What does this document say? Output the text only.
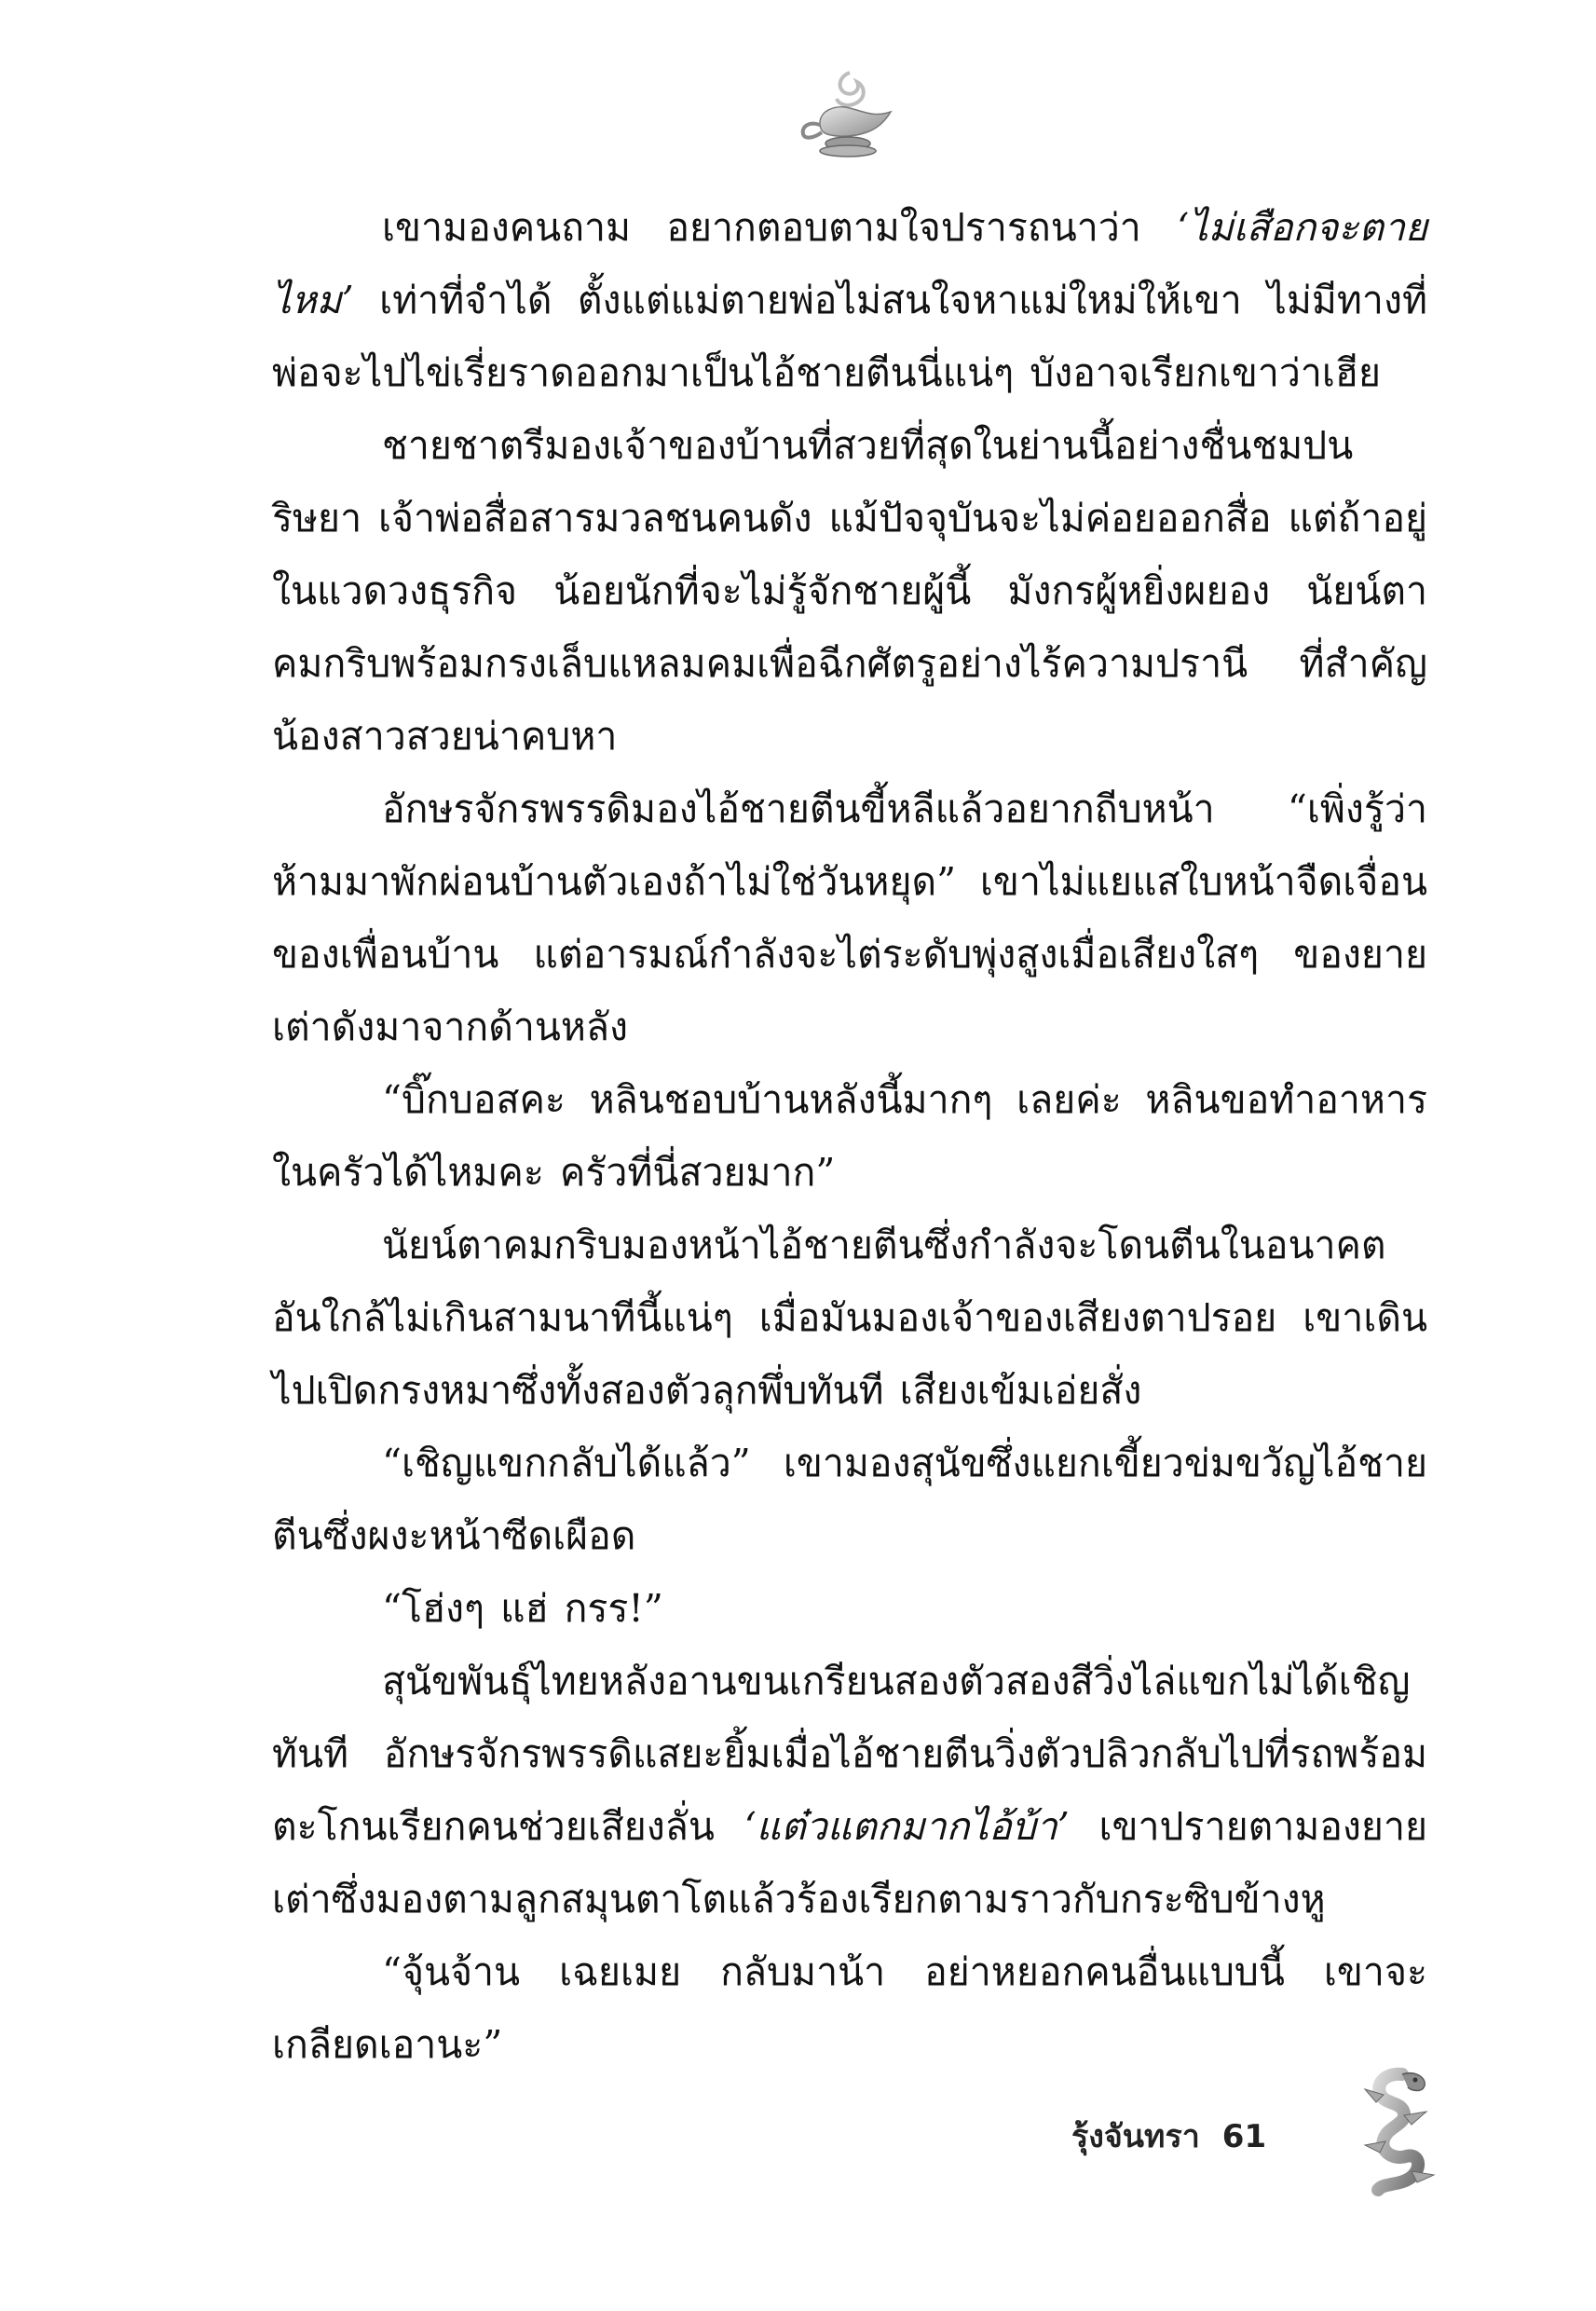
เขามองคนถาม อยากตอบตามใจปรารถนาว่า ‘ไม่เสือกจะตายไหม’ เท่าที่จำได้ ตั้งแต่แม่ตายพ่อไม่สนใจหาแม่ใหม่ให้เขา ไม่มีทางที่พ่อจะไปไข่เรี่ยราดออกมาเป็นไอ้ชายตีนนี่แน่ๆ บังอาจเรียกเขาว่าเฮีย

ชายชาตรีมองเจ้าของบ้านที่สวยที่สุดในย่านนี้อย่างชื่นชมปนริษยา เจ้าพ่อสื่อสารมวลชนคนดัง แม้ปัจจุบันจะไม่ค่อยออกสื่อ แต่ถ้าอยู่ในแวดวงธุรกิจ น้อยนักที่จะไม่รู้จักชายผู้นี้ มังกรผู้หยิ่งผยอง นัยน์ตาคมกริบพร้อมกรงเล็บแหลมคมเพื่อฉีกศัตรูอย่างไร้ความปรานี ที่สำคัญน้องสาวสวยน่าคบหา

อักษรจักรพรรดิมองไอ้ชายตีนขี้หลีแล้วอยากถีบหน้า “เพิ่งรู้ว่าห้ามมาพักผ่อนบ้านตัวเองถ้าไม่ใช่วันหยุด” เขาไม่แยแสใบหน้าจืดเจื่อนของเพื่อนบ้าน แต่อารมณ์กำลังจะไต่ระดับพุ่งสูงเมื่อเสียงใสๆ ของยายเต่าดังมาจากด้านหลัง

“บิ๊กบอสคะ หลินชอบบ้านหลังนี้มากๆ เลยค่ะ หลินขอทำอาหารในครัวได้ไหมคะ ครัวที่นี่สวยมาก”

นัยน์ตาคมกริบมองหน้าไอ้ชายตีนซึ่งกำลังจะโดนตีนในอนาคตอันใกล้ไม่เกินสามนาทีนี้แน่ๆ เมื่อมันมองเจ้าของเสียงตาปรอย เขาเดินไปเปิดกรงหมาซึ่งทั้งสองตัวลุกพึ่บทันที เสียงเข้มเอ่ยสั่ง

“เชิญแขกกลับได้แล้ว” เขามองสุนัขซึ่งแยกเขี้ยวข่มขวัญไอ้ชายตีนซึ่งผงะหน้าซีดเผือด

“โฮ่งๆ แฮ่ กรร!”

สุนัขพันธุ์ไทยหลังอานขนเกรียนสองตัวสองสีวิ่งไล่แขกไม่ได้เชิญทันที อักษรจักรพรรดิแสยะยิ้มเมื่อไอ้ชายตีนวิ่งตัวปลิวกลับไปที่รถพร้อมตะโกนเรียกคนช่วยเสียงลั่น ‘แต๋วแตกมากไอ้บ้า’ เขาปรายตามองยายเต่าซึ่งมองตามลูกสมุนตาโตแล้วร้องเรียกตามราวกับกระซิบข้างหู

“จุ้นจ้าน เฉยเมย กลับมาน้า อย่าหยอกคนอื่นแบบนี้ เขาจะเกลียดเอานะ”

รุ้งจันทรา 61
